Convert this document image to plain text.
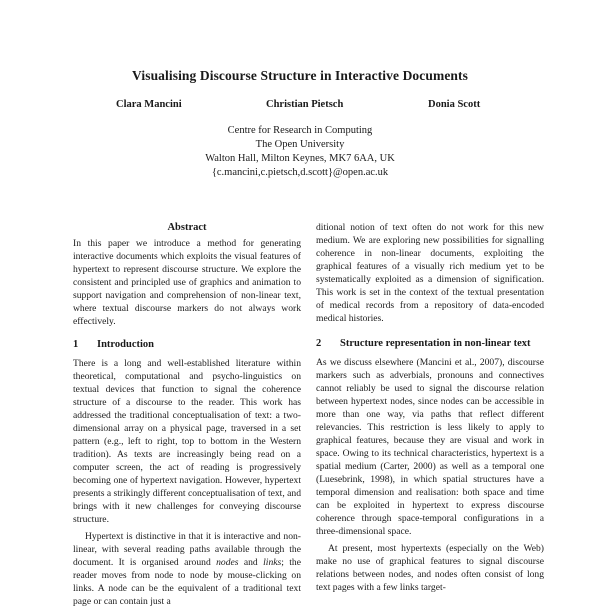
Visualising Discourse Structure in Interactive Documents
Clara Mancini	Christian Pietsch	Donia Scott
Centre for Research in Computing
The Open University
Walton Hall, Milton Keynes, MK7 6AA, UK
{c.mancini,c.pietsch,d.scott}@open.ac.uk
Abstract

In this paper we introduce a method for generating interactive documents which exploits the visual features of hypertext to represent discourse structure. We explore the consistent and principled use of graphics and animation to support navigation and comprehension of non-linear text, where textual discourse markers do not always work effectively.

1	Introduction

There is a long and well-established literature within theoretical, computational and psycho-linguistics on textual devices that function to signal the coherence structure of a discourse to the reader. This work has addressed the traditional conceptualisation of text: a two-dimensional array on a physical page, traversed in a set pattern (e.g., left to right, top to bottom in the Western tradition). As texts are increasingly being read on a computer screen, the act of reading is progressively becoming one of hypertext navigation. However, hypertext presents a strikingly different conceptualisation of text, and brings with it new challenges for conveying discourse structure.

Hypertext is distinctive in that it is interactive and non-linear, with several reading paths available through the document. It is organised around nodes and links; the reader moves from node to node by mouse-clicking on links. A node can be the equivalent of a traditional text page or can contain just a

ditional notion of text often do not work for this new medium. We are exploring new possibilities for signalling coherence in non-linear documents, exploiting the graphical features of a visually rich medium yet to be systematically exploited as a dimension of signification. This work is set in the context of the textual presentation of medical records from a repository of data-encoded medical histories.

2	Structure representation in non-linear text

As we discuss elsewhere (Mancini et al., 2007), discourse markers such as adverbials, pronouns and connectives cannot reliably be used to signal the discourse relation between hypertext nodes, since nodes can be accessible in more than one way, via paths that reflect different relevancies. This restriction is less likely to apply to graphical features, because they are visual and work in space. Owing to its technical characteristics, hypertext is a spatial medium (Carter, 2000) as well as a temporal one (Luesebrink, 1998), in which spatial structures have a temporal dimension and realisation: both space and time can be exploited in hypertext to express discourse coherence through space-temporal configurations in a three-dimensional space.

At present, most hypertexts (especially on the Web) make no use of graphical features to signal discourse relations between nodes, and nodes often consist of long text pages with a few links target-
